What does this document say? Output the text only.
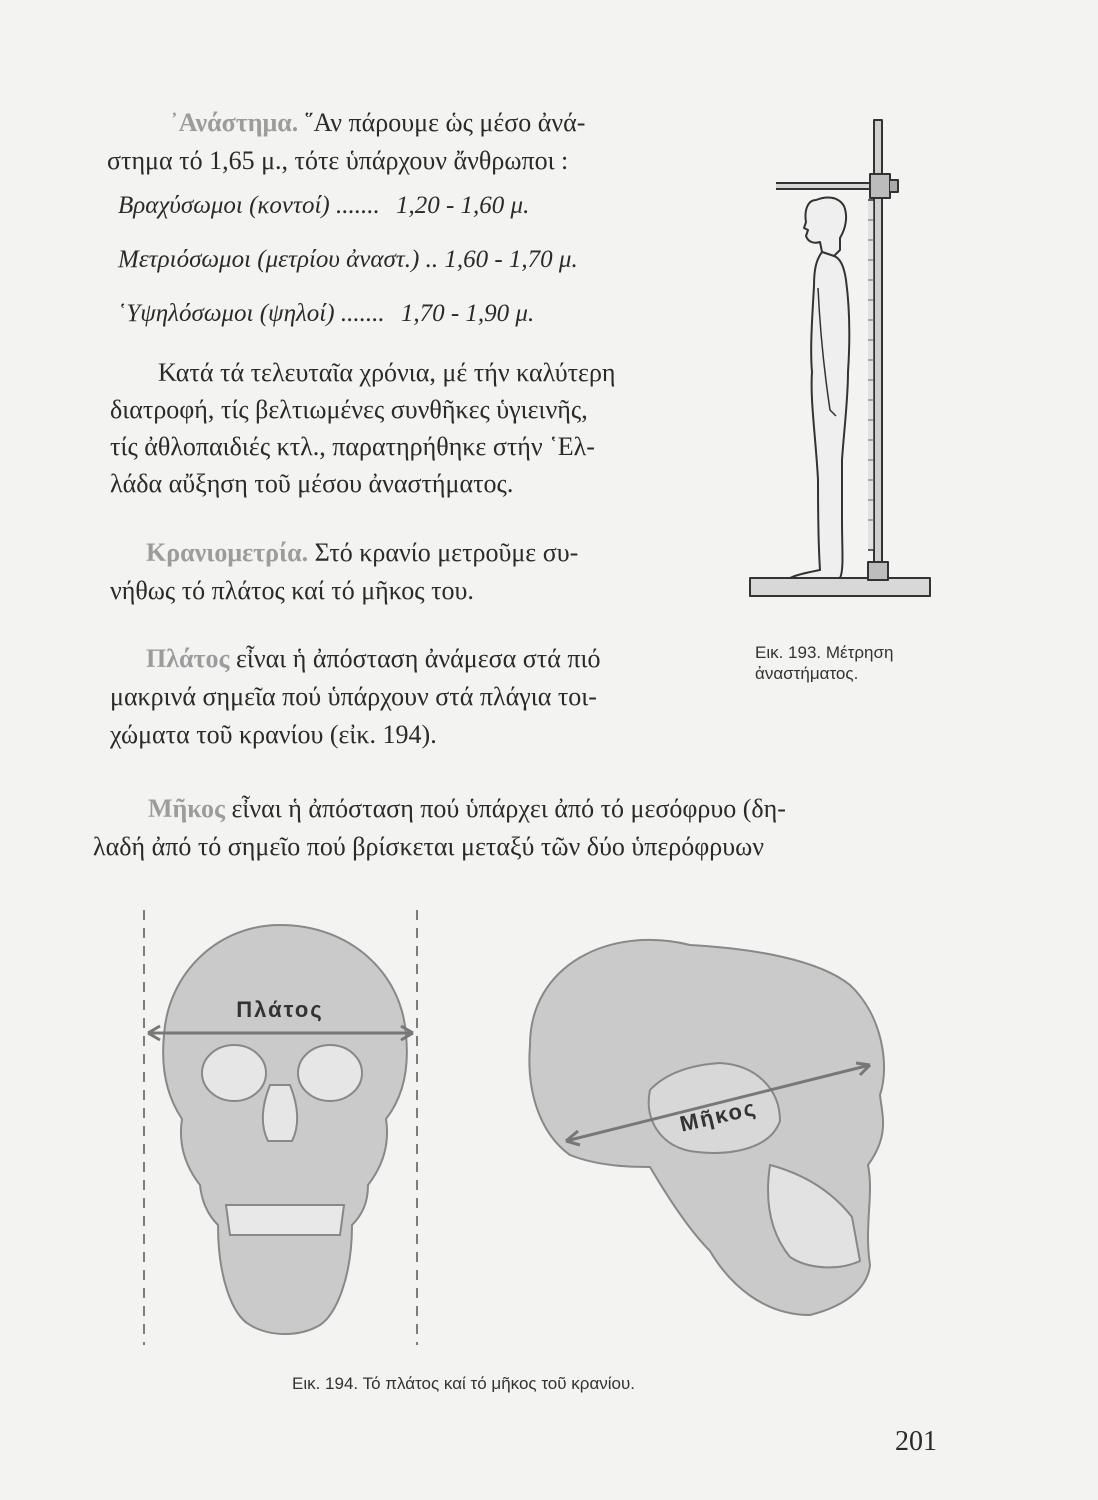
᾿Ανάστημα. ῞Αν πάρουμε ὡς μέσο ἀνά-
στημα τό 1,65 μ., τότε ὑπάρχουν ἄνθρωποι :
Βραχύσωμοι (κοντοί) ....... 1,20 - 1,60 μ.
Μετριόσωμοι (μετρίου ἀναστ.) .. 1,60 - 1,70 μ.
῾Υψηλόσωμοι (ψηλοί) ....... 1,70 - 1,90 μ.
Κατά τά τελευταῖα χρόνια, μέ τήν καλύτερη
διατροφή, τίς βελτιωμένες συνθῆκες ὑγιεινῆς,
τίς ἀθλοπαιδιές κτλ., παρατηρήθηκε στήν ῾Ελ-
λάδα αὔξηση τοῦ μέσου ἀναστήματος.
Κρανιομετρία. Στό κρανίο μετροῦμε συ-
νήθως τό πλάτος καί τό μῆκος του.
Πλάτος εἶναι ἡ ἀπόσταση ἀνάμεσα στά πιό
μακρινά σημεῖα πού ὑπάρχουν στά πλάγια τοι-
χώματα τοῦ κρανίου (εἰκ. 194).
Μῆκος εἶναι ἡ ἀπόσταση πού ὑπάρχει ἀπό τό μεσόφρυο (δη-
λαδή ἀπό τό σημεῖο πού βρίσκεται μεταξύ τῶν δύο ὑπερόφρυων
Εικ. 193. Μέτρηση
ἀναστήματος.
Πλάτος
Μῆκος
Εικ. 194. Τό πλάτος καί τό μῆκος τοῦ κρανίου.
201
